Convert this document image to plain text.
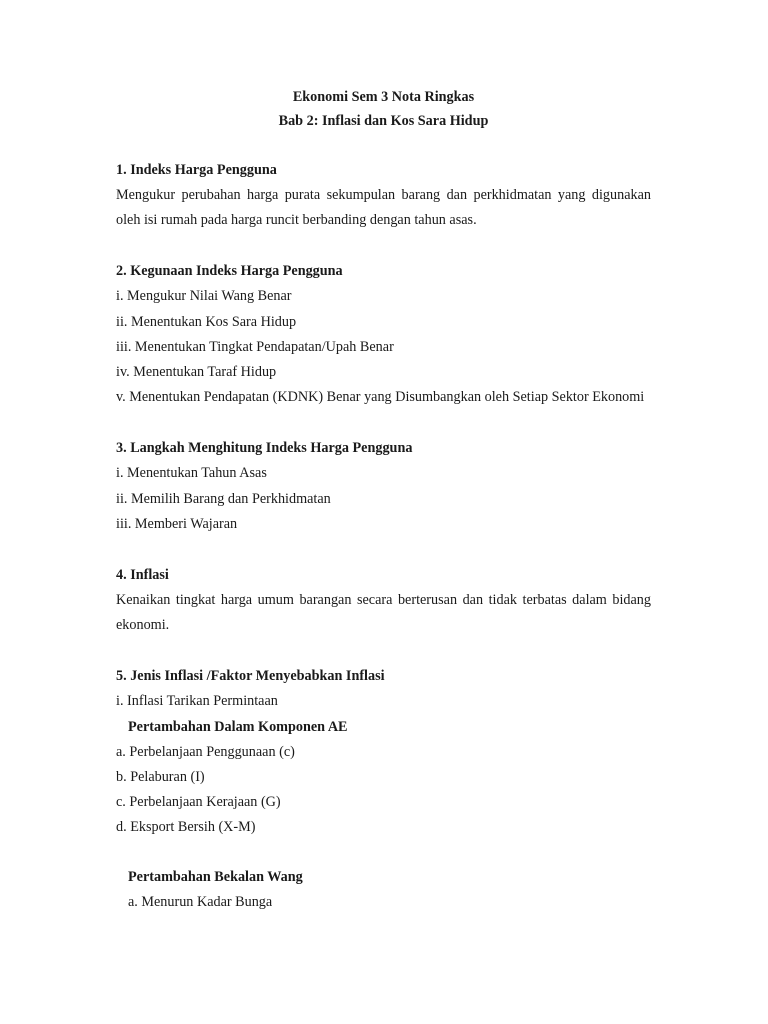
Ekonomi Sem 3 Nota Ringkas

Bab 2: Inflasi dan Kos Sara Hidup

1. Indeks Harga Pengguna

Mengukur perubahan harga purata sekumpulan barang dan perkhidmatan yang digunakan oleh isi rumah pada harga runcit berbanding dengan tahun asas.

2. Kegunaan Indeks Harga Pengguna

i. Mengukur Nilai Wang Benar

ii. Menentukan Kos Sara Hidup

iii. Menentukan Tingkat Pendapatan/Upah Benar

iv. Menentukan Taraf Hidup

v. Menentukan Pendapatan (KDNK) Benar yang Disumbangkan oleh Setiap Sektor Ekonomi

3. Langkah Menghitung Indeks Harga Pengguna

i. Menentukan Tahun Asas

ii. Memilih Barang dan Perkhidmatan

iii. Memberi Wajaran

4. Inflasi

Kenaikan tingkat harga umum barangan secara berterusan dan tidak terbatas dalam bidang ekonomi.

5. Jenis Inflasi /Faktor Menyebabkan Inflasi

i. Inflasi Tarikan Permintaan

Pertambahan Dalam Komponen AE

a. Perbelanjaan Penggunaan (c)

b. Pelaburan (I)

c. Perbelanjaan Kerajaan (G)

d. Eksport Bersih (X-M)

Pertambahan Bekalan Wang

a. Menurun Kadar Bunga
